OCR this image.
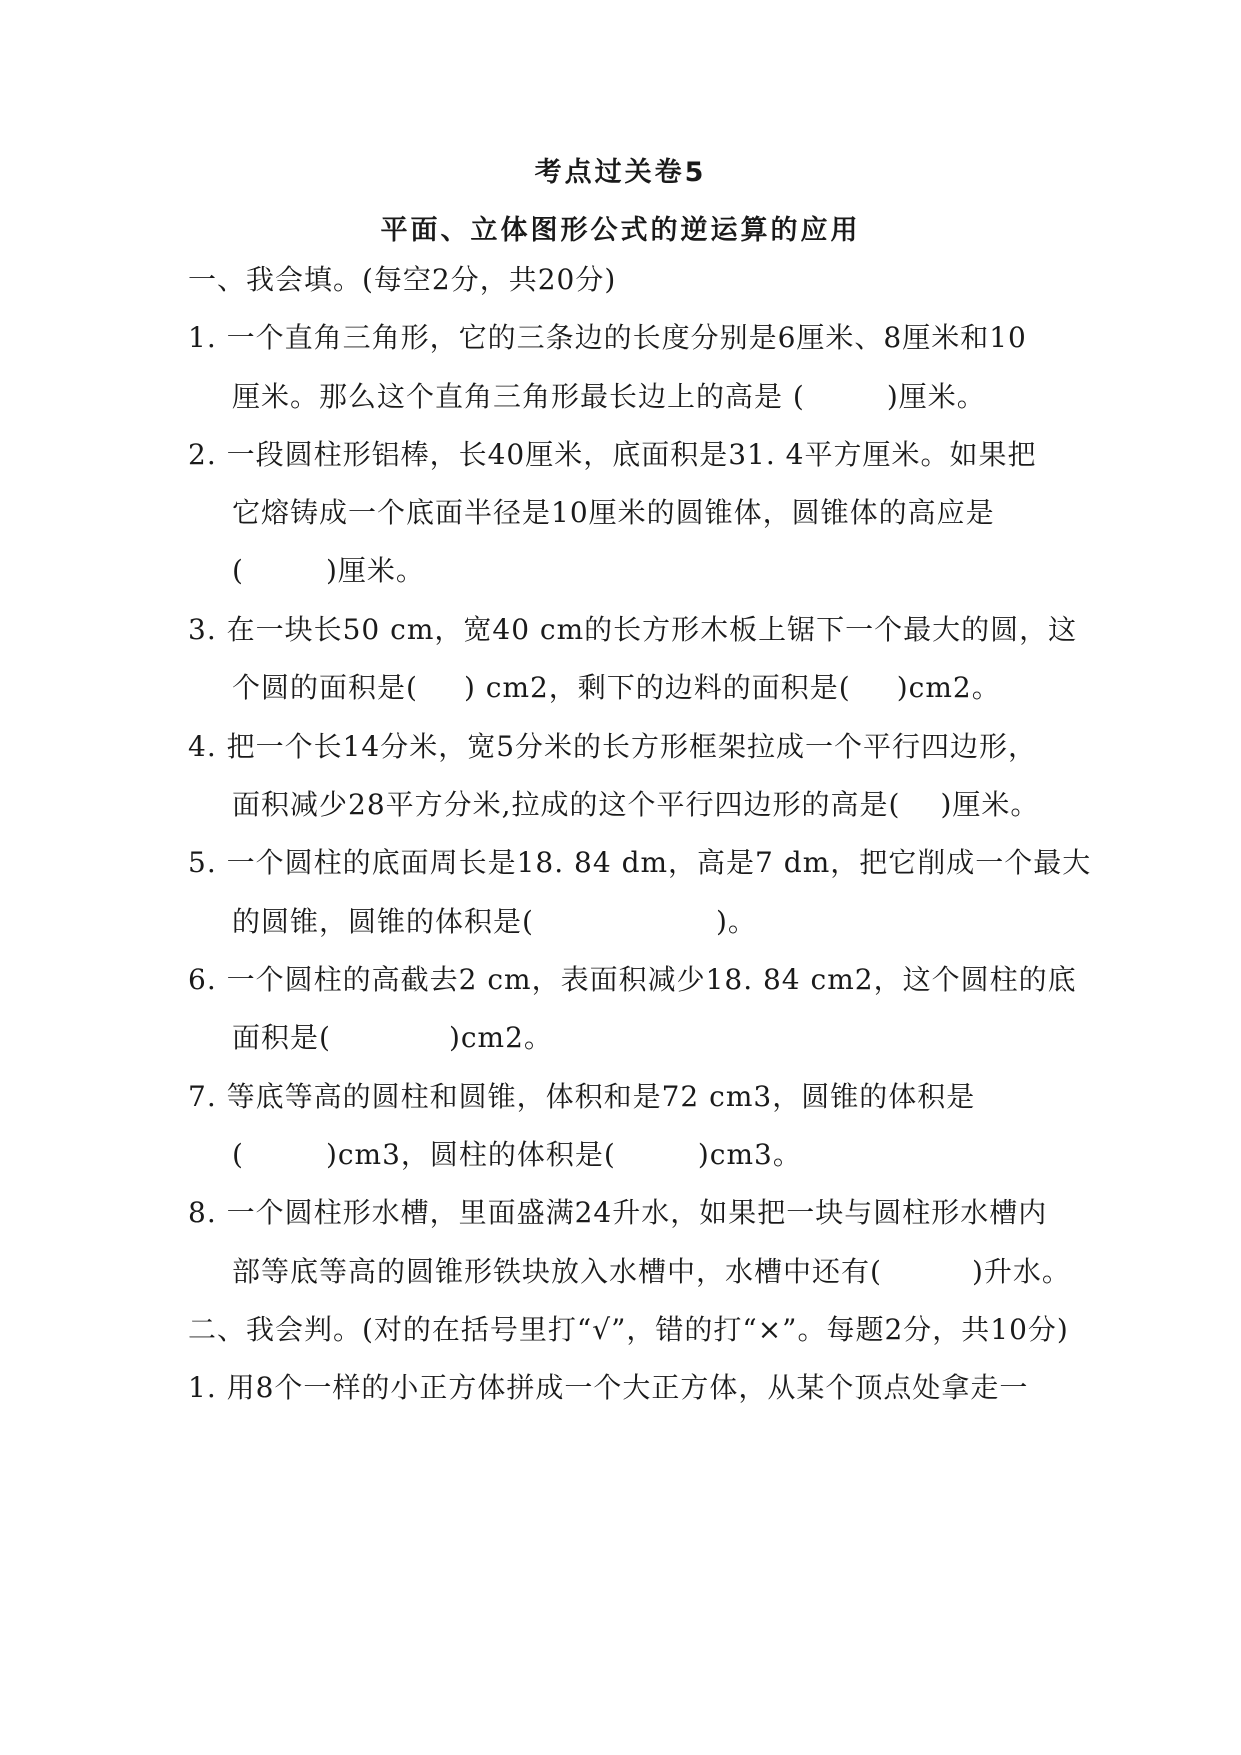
考点过关卷5
平面、立体图形公式的逆运算的应用
一、我会填。(每空2分，共20分)
1. 一个直角三角形，它的三条边的长度分别是6厘米、8厘米和10
厘米。那么这个直角三角形最长边上的高是 (	)厘米。
2. 一段圆柱形铝棒，长40厘米，底面积是31. 4平方厘米。如果把
它熔铸成一个底面半径是10厘米的圆锥体，圆锥体的高应是
(	)厘米。
3. 在一块长50 cm，宽40 cm的长方形木板上锯下一个最大的圆，这
个圆的面积是( ) cm2，剩下的边料的面积是( )cm2。
4. 把一个长14分米，宽5分米的长方形框架拉成一个平行四边形，
面积减少28平方分米,拉成的这个平行四边形的高是( )厘米。
5. 一个圆柱的底面周长是18. 84 dm，高是7 dm，把它削成一个最大
的圆锥，圆锥的体积是(	)。
6. 一个圆柱的高截去2 cm，表面积减少18. 84 cm2，这个圆柱的底
面积是(	)cm2。
7. 等底等高的圆柱和圆锥，体积和是72 cm3，圆锥的体积是
(	)cm3，圆柱的体积是(	)cm3。
8. 一个圆柱形水槽，里面盛满24升水，如果把一块与圆柱形水槽内
部等底等高的圆锥形铁块放入水槽中，水槽中还有(	)升水。
二、我会判。(对的在括号里打“√”，错的打“×”。每题2分，共10分)
1. 用8个一样的小正方体拼成一个大正方体，从某个顶点处拿走一
